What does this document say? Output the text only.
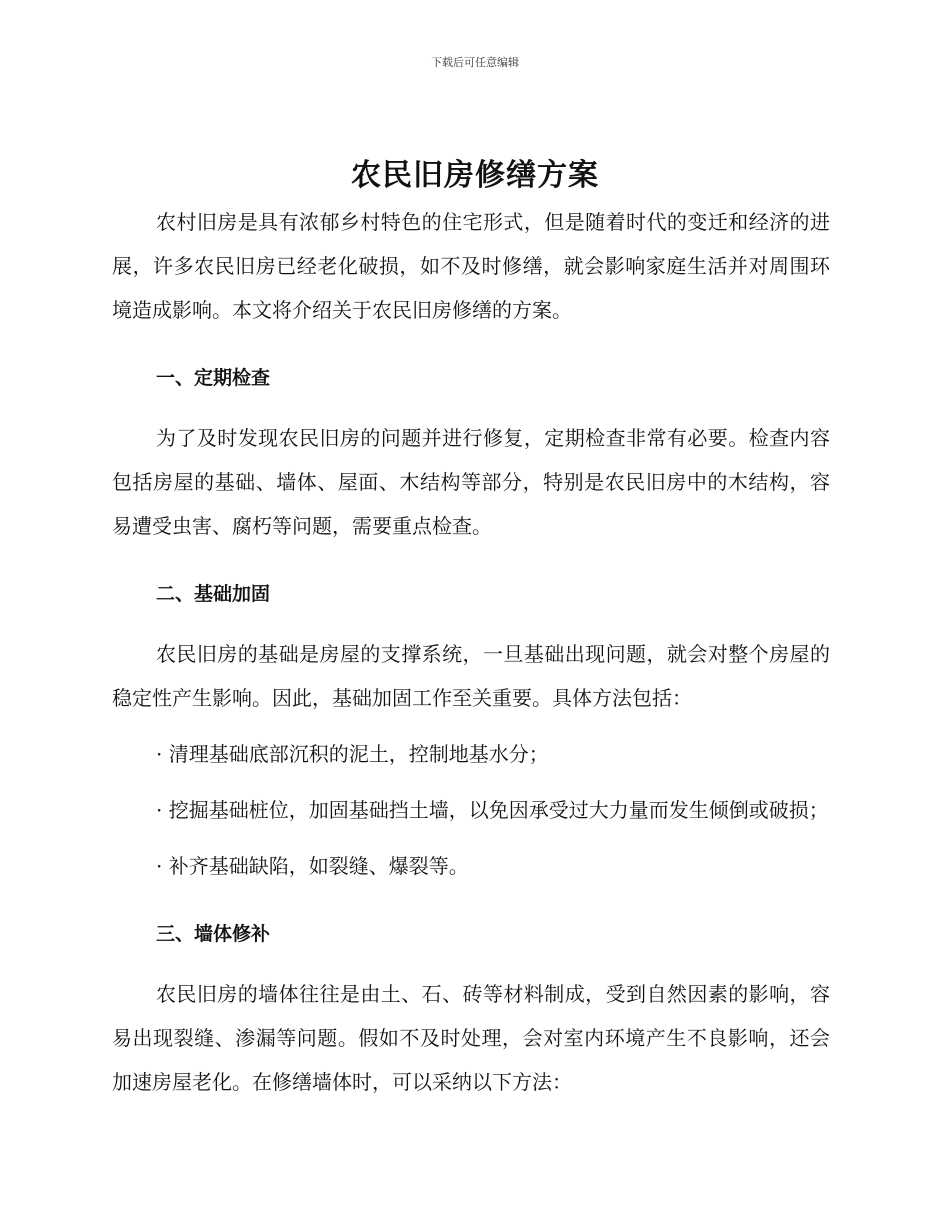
下载后可任意编辑
农民旧房修缮方案

农村旧房是具有浓郁乡村特色的住宅形式，但是随着时代的变迁和经济的进展，许多农民旧房已经老化破损，如不及时修缮，就会影响家庭生活并对周围环境造成影响。本文将介绍关于农民旧房修缮的方案。

一、定期检查

为了及时发现农民旧房的问题并进行修复，定期检查非常有必要。检查内容包括房屋的基础、墙体、屋面、木结构等部分，特别是农民旧房中的木结构，容易遭受虫害、腐朽等问题，需要重点检查。

二、基础加固

农民旧房的基础是房屋的支撑系统，一旦基础出现问题，就会对整个房屋的稳定性产生影响。因此，基础加固工作至关重要。具体方法包括：

· 清理基础底部沉积的泥土，控制地基水分；

· 挖掘基础桩位，加固基础挡土墙，以免因承受过大力量而发生倾倒或破损；

· 补齐基础缺陷，如裂缝、爆裂等。

三、墙体修补

农民旧房的墙体往往是由土、石、砖等材料制成，受到自然因素的影响，容易出现裂缝、渗漏等问题。假如不及时处理，会对室内环境产生不良影响，还会加速房屋老化。在修缮墙体时，可以采纳以下方法：
